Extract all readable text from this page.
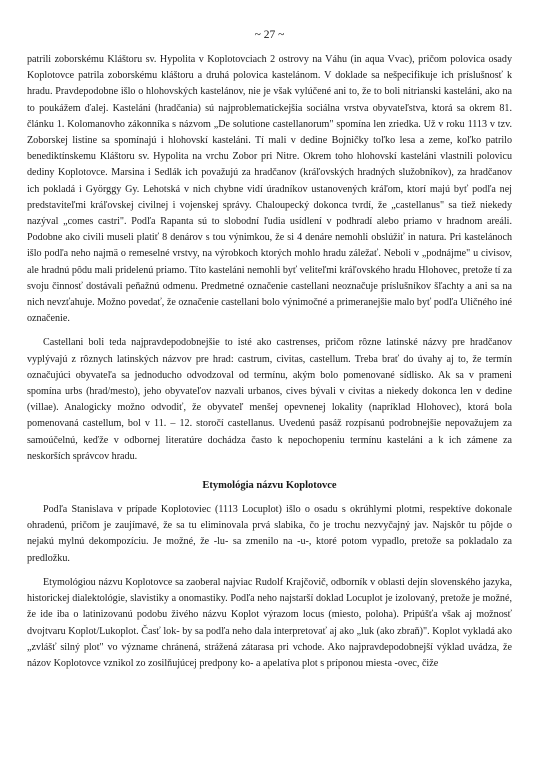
~ 27 ~

patrili zoborskému Kláštoru sv. Hypolita v Koplotovciach 2 ostrovy na Váhu (in aqua Vvac), pričom polovica osady Koplotovce patrila zoborskému kláštoru a druhá polovica kastelánom. V doklade sa nešpecifikuje ich príslušnosť k hradu. Pravdepodobne išlo o hlohovských kastelánov, nie je však vylúčené ani to, že to boli nitrianski kasteláni, ako na to poukážem ďalej. Kasteláni (hradčania) sú najproblematickejšia sociálna vrstva obyvateľstva, ktorá sa okrem 81. článku 1. Kolomanovho zákonníka s názvom „De solutione castellanorum" spomína len zriedka. Už v roku 1113 v tzv. Zoborskej listine sa spomínajú i hlohovskí kasteláni. Tí mali v dedine Bojničky toľko lesa a zeme, koľko patrilo benediktínskemu Kláštoru sv. Hypolita na vrchu Zobor pri Nitre. Okrem toho hlohovskí kasteláni vlastnili polovicu dediny Koplotovce. Marsina i Sedlák ich považujú za hradčanov (kráľovských hradných služobníkov), za hradčanov ich pokladá i Györggy Gy. Lehotská v nich chybne vidí úradníkov ustanovených kráľom, ktorí majú byť podľa nej predstaviteľmi kráľovskej civilnej i vojenskej správy. Chaloupecký dokonca tvrdí, že „castellanus" sa tiež niekedy nazýval „comes castri". Podľa Rapanta sú to slobodní ľudia usídlení v podhradí alebo priamo v hradnom areáli. Podobne ako civili museli platiť 8 denárov s tou výnimkou, že si 4 denáre nemohli obslúžiť in natura. Pri kastelánoch išlo podľa neho najmä o remeselné vrstvy, na výrobkoch ktorých mohlo hradu záležať. Neboli v „podnájme" u civisov, ale hradnú pôdu mali pridelenú priamo. Títo kasteláni nemohli byť veliteľmi kráľovského hradu Hlohovec, pretože tí za svoju činnosť dostávali peňažnú odmenu. Predmetné označenie castellani neoznačuje príslušníkov šľachty a ani sa na nich nevzťahuje. Možno povedať, že označenie castellani bolo výnimočné a primeranejšie malo byť podľa Uličného iné označenie.

Castellani boli teda najpravdepodobnejšie to isté ako castrenses, pričom rôzne latinské názvy pre hradčanov vyplývajú z rôznych latinských názvov pre hrad: castrum, civitas, castellum. Treba brať do úvahy aj to, že termín označujúci obyvateľa sa jednoducho odvodzoval od termínu, akým bolo pomenované sídlisko. Ak sa v prameni spomína urbs (hrad/mesto), jeho obyvateľov nazvali urbanos, cives bývali v civitas a niekedy dokonca len v dedine (villae). Analogicky možno odvodiť, že obyvateľ menšej opevnenej lokality (napríklad Hlohovec), ktorá bola pomenovaná castellum, bol v 11. – 12. storočí castellanus. Uvedenú pasáž rozpísanú podrobnejšie nepovažujem za samoúčelnú, keďže v odbornej literatúre dochádza často k nepochopeniu termínu kasteláni a k ich zámene za neskorších správcov hradu.

Etymológia názvu Koplotovce

Podľa Stanislava v prípade Koplotoviec (1113 Locuplot) išlo o osadu s okrúhlymi plotmi, respektíve dokonale ohradenú, pričom je zaujímavé, že sa tu eliminovala prvá slabika, čo je trochu nezvyčajný jav. Najskôr tu pôjde o nejakú mylnú dekompozíciu. Je možné, že -lu- sa zmenilo na -u-, ktoré potom vypadlo, pretože sa pokladalo za predložku.

Etymológiou názvu Koplotovce sa zaoberal najviac Rudolf Krajčovič, odborník v oblasti dejín slovenského jazyka, historickej dialektológie, slavistiky a onomastiky. Podľa neho najstarší doklad Locuplot je izolovaný, pretože je možné, že ide iba o latinizovanú podobu živého názvu Koplot výrazom locus (miesto, poloha). Pripúšťa však aj možnosť dvojtvaru Koplot/Lukoplot. Časť lok- by sa podľa neho dala interpretovať aj ako „luk (ako zbraň)". Koplot vykladá ako „zvlášť silný plot" vo význame chránená, strážená zátarasa pri vchode. Ako najpravdepodobnejší výklad uvádza, že názov Koplotovce vznikol zo zosilňujúcej predpony ko- a apelatíva plot s príponou miesta -ovec, čiže
